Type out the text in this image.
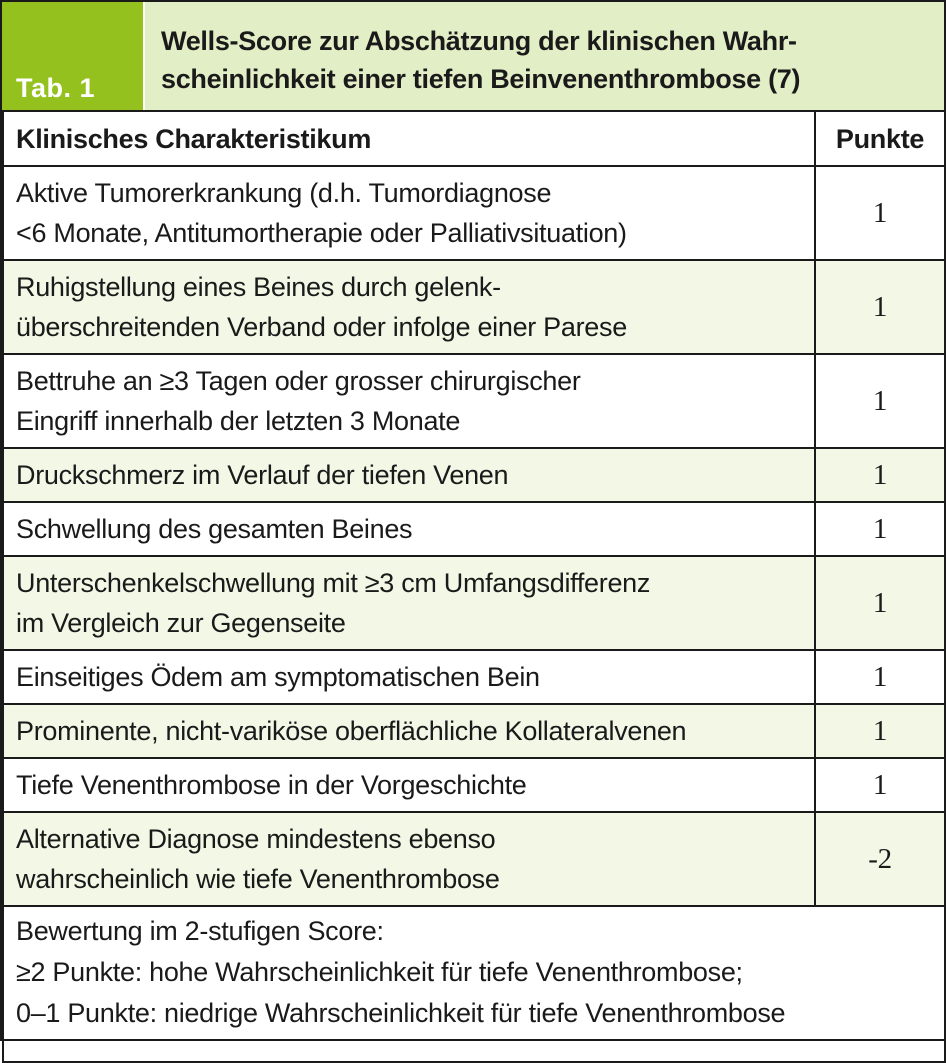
Tab. 1
Wells-Score zur Abschätzung der klinischen Wahr-
scheinlichkeit einer tiefen Beinvenenthrombose (7)
Klinisches Charakteristikum	Punkte
Aktive Tumorerkrankung (d.h. Tumordiagnose
<6 Monate, Antitumortherapie oder Palliativsituation)	1
Ruhigstellung eines Beines durch gelenk-
überschreitenden Verband oder infolge einer Parese	1
Bettruhe an ≥3 Tagen oder grosser chirurgischer
Eingriff innerhalb der letzten 3 Monate	1
Druckschmerz im Verlauf der tiefen Venen	1
Schwellung des gesamten Beines	1
Unterschenkelschwellung mit ≥3 cm Umfangsdifferenz
im Vergleich zur Gegenseite	1
Einseitiges Ödem am symptomatischen Bein	1
Prominente, nicht-variköse oberflächliche Kollateralvenen	1
Tiefe Venenthrombose in der Vorgeschichte	1
Alternative Diagnose mindestens ebenso
wahrscheinlich wie tiefe Venenthrombose	-2

Bewertung im 2-stufigen Score:
≥2 Punkte: hohe Wahrscheinlichkeit für tiefe Venenthrombose;
0–1 Punkte: niedrige Wahrscheinlichkeit für tiefe Venenthrombose	
